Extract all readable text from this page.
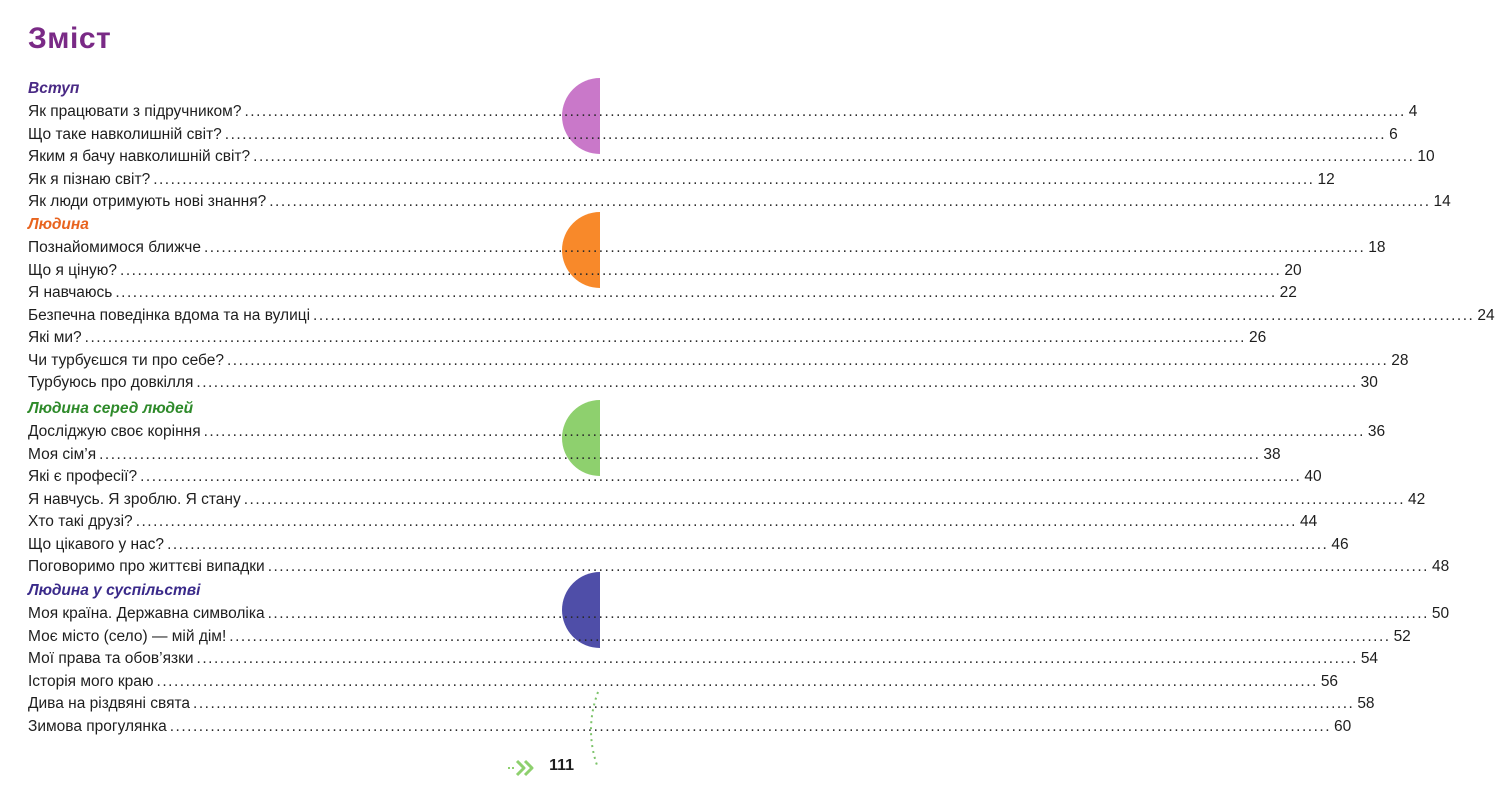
Зміст
Вступ
Як працювати з підручником? ........................................................................................................................................................................................................ 4
Що таке навколишній світ? ........................................................................................................................................................................................................ 6
Яким я бачу навколишній світ? ........................................................................................................................................................................................................ 10
Як я пізнаю світ? ........................................................................................................................................................................................................ 12
Як люди отримують нові знання? ........................................................................................................................................................................................................ 14
Людина
Познайомимося ближче ........................................................................................................................................................................................................ 18
Що я ціную? ........................................................................................................................................................................................................ 20
Я навчаюсь ........................................................................................................................................................................................................ 22
Безпечна поведінка вдома та на вулиці ........................................................................................................................................................................................................ 24
Які ми? ........................................................................................................................................................................................................ 26
Чи турбуєшся ти про себе? ........................................................................................................................................................................................................ 28
Турбуюсь про довкілля ........................................................................................................................................................................................................ 30
Людина серед людей
Досліджую своє коріння ........................................................................................................................................................................................................ 36
Моя сім’я ........................................................................................................................................................................................................ 38
Які є професії? ........................................................................................................................................................................................................ 40
Я навчусь. Я зроблю. Я стану ........................................................................................................................................................................................................ 42
Хто такі друзі? ........................................................................................................................................................................................................ 44
Що цікавого у нас? ........................................................................................................................................................................................................ 46
Поговоримо про життєві випадки ........................................................................................................................................................................................................ 48
Людина у суспільстві
Моя країна. Державна символіка ........................................................................................................................................................................................................ 50
Моє місто (село) — мій дім! ........................................................................................................................................................................................................ 52
Мої права та обов’язки ........................................................................................................................................................................................................ 54
Історія мого краю ........................................................................................................................................................................................................ 56
Дива на різдвяні свята ........................................................................................................................................................................................................ 58
Зимова прогулянка ........................................................................................................................................................................................................ 60
111
